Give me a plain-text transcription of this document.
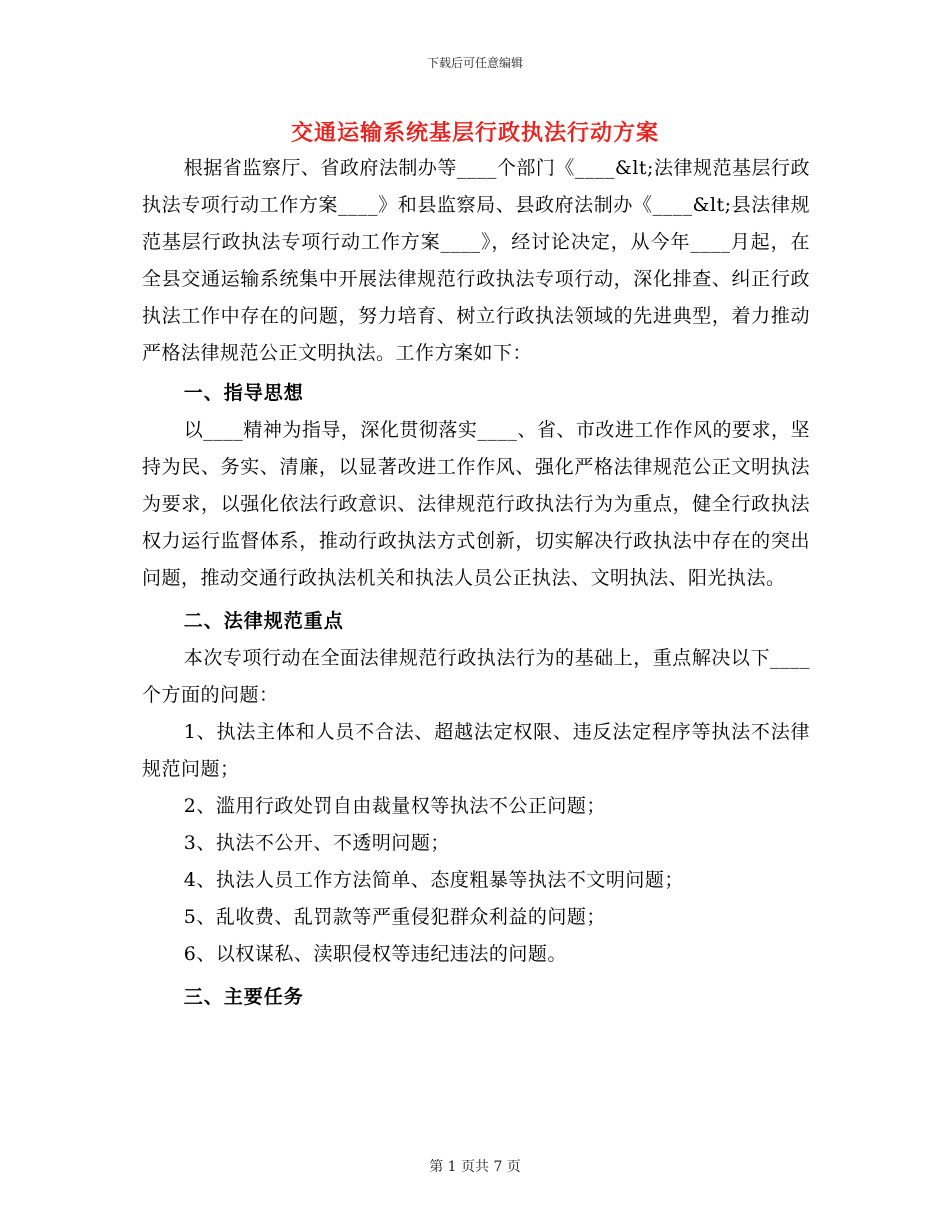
下载后可任意编辑
交通运输系统基层行政执法行动方案

根据省监察厅、省政府法制办等____个部门《____&lt;法律规范基层行政执法专项行动工作方案____》和县监察局、县政府法制办《____&lt;县法律规范基层行政执法专项行动工作方案____》，经讨论决定，从今年____月起，在全县交通运输系统集中开展法律规范行政执法专项行动，深化排查、纠正行政执法工作中存在的问题，努力培育、树立行政执法领域的先进典型，着力推动严格法律规范公正文明执法。工作方案如下：

一、指导思想

以____精神为指导，深化贯彻落实____、省、市改进工作作风的要求，坚持为民、务实、清廉，以显著改进工作作风、强化严格法律规范公正文明执法为要求，以强化依法行政意识、法律规范行政执法行为为重点，健全行政执法权力运行监督体系，推动行政执法方式创新，切实解决行政执法中存在的突出问题，推动交通行政执法机关和执法人员公正执法、文明执法、阳光执法。

二、法律规范重点

本次专项行动在全面法律规范行政执法行为的基础上，重点解决以下____个方面的问题：

1、执法主体和人员不合法、超越法定权限、违反法定程序等执法不法律规范问题；

2、滥用行政处罚自由裁量权等执法不公正问题；

3、执法不公开、不透明问题；

4、执法人员工作方法简单、态度粗暴等执法不文明问题；

5、乱收费、乱罚款等严重侵犯群众利益的问题；

6、以权谋私、渎职侵权等违纪违法的问题。

三、主要任务

第 1 页共 7 页
